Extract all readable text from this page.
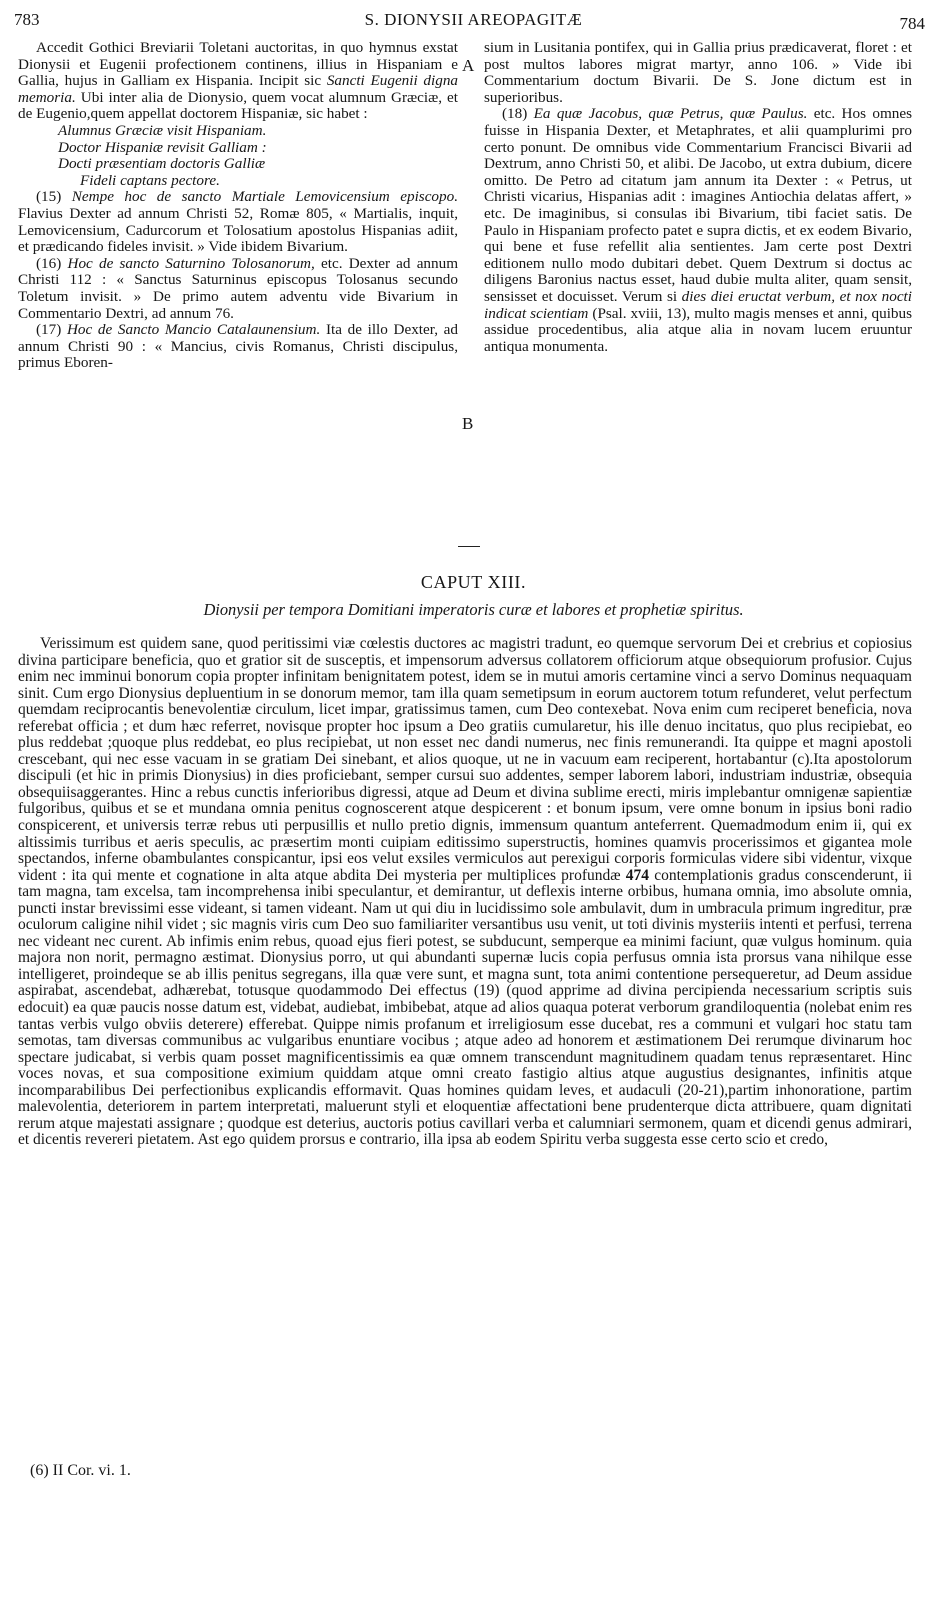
783	S. DIONYSII AREOPAGITÆ	784
A
B

Accedit Gothici Breviarii Toletani auctoritas, in quo hymnus exstat Dionysii et Eugenii profectionem continens, illius in Hispaniam e Gallia, hujus in Galliam ex Hispania. Incipit sic Sancti Eugenii digna memoria. Ubi inter alia de Dionysio, quem vocat alumnum Græciæ, et de Eugenio,quem appellat doctorem Hispaniæ, sic habet :

Alumnus Græciæ visit Hispaniam.
Doctor Hispaniæ revisit Galliam :
Docti præsentiam doctoris Galliæ
Fideli captans pectore.

(15) Nempe hoc de sancto Martiale Lemovicensium episcopo. Flavius Dexter ad annum Christi 52, Romæ 805, « Martialis, inquit, Lemovicensium, Cadurcorum et Tolosatium apostolus Hispanias adiit, et prædicando fideles invisit. » Vide ibidem Bivarium.

(16) Hoc de sancto Saturnino Tolosanorum, etc. Dexter ad annum Christi 112 : « Sanctus Saturninus episcopus Tolosanus secundo Toletum invisit. » De primo autem adventu vide Bivarium in Commentario Dextri, ad annum 76.

(17) Hoc de Sancto Mancio Catalaunensium. Ita de illo Dexter, ad annum Christi 90 : « Mancius, civis Romanus, Christi discipulus, primus Eboren-

sium in Lusitania pontifex, qui in Gallia prius prædicaverat, floret : et post multos labores migrat martyr, anno 106. » Vide ibi Commentarium doctum Bivarii. De S. Jone dictum est in superioribus.

(18) Ea quæ Jacobus, quæ Petrus, quæ Paulus. etc. Hos omnes fuisse in Hispania Dexter, et Metaphrates, et alii quamplurimi pro certo ponunt. De omnibus vide Commentarium Francisci Bivarii ad Dextrum, anno Christi 50, et alibi. De Jacobo, ut extra dubium, dicere omitto. De Petro ad citatum jam annum ita Dexter : « Petrus, ut Christi vicarius, Hispanias adit : imagines Antiochia delatas affert, » etc. De imaginibus, si consulas ibi Bivarium, tibi faciet satis. De Paulo in Hispaniam profecto patet e supra dictis, et ex eodem Bivario, qui bene et fuse refellit alia sentientes. Jam certe post Dextri editionem nullo modo dubitari debet. Quem Dextrum si doctus ac diligens Baronius nactus esset, haud dubie multa aliter, quam sensit, sensisset et docuisset. Verum si dies diei eructat verbum, et nox nocti indicat scientiam (Psal. xviii, 13), multo magis menses et anni, quibus assidue procedentibus, alia atque alia in novam lucem eruuntur antiqua monumenta.

CAPUT XIII.
Dionysii per tempora Domitiani imperatoris curæ et labores et prophetiæ spiritus.

Verissimum est quidem sane, quod peritissimi viæ cœlestis ductores ac magistri tradunt, eo quemque servorum Dei et crebrius et copiosius divina participare beneficia, quo et gratior sit de susceptis, et impensorum adversus collatorem officiorum atque obsequiorum profusior. Cujus enim nec imminui bonorum copia propter infinitam benignitatem potest, idem se in mutui amoris certamine vinci a servo Dominus nequaquam sinit. Cum ergo Dionysius depluentium in se donorum memor, tam illa quam semetipsum in eorum auctorem totum refunderet, velut perfectum quemdam reciprocantis benevolentiæ circulum, licet impar, gratissimus tamen, cum Deo contexebat. Nova enim cum reciperet beneficia, nova referebat officia ; et dum hæc referret, novisque propter hoc ipsum a Deo gratiis cumularetur, his ille denuo incitatus, quo plus recipiebat, eo plus reddebat ;quoque plus reddebat, eo plus recipiebat, ut non esset nec dandi numerus, nec finis remunerandi. Ita quippe et magni apostoli crescebant, qui nec esse vacuam in se gratiam Dei sinebant, et alios quoque, ut ne in vacuum eam reciperent, hortabantur (c).Ita apostolorum discipuli (et hic in primis Dionysius) in dies proficiebant, semper cursui suo addentes, semper laborem labori, industriam industriæ, obsequia obsequiisaggerantes. Hinc a rebus cunctis inferioribus digressi, atque ad Deum et divina sublime erecti, miris implebantur omnigenæ sapientiæ fulgoribus, quibus et se et mundana omnia penitus cognoscerent atque despicerent : et bonum ipsum, vere omne bonum in ipsius boni radio conspicerent, et universis terræ rebus uti perpusillis et nullo pretio dignis, immensum quantum anteferrent. Quemadmodum enim ii, qui ex altissimis turribus et aeris speculis, ac præsertim monti cuipiam editissimo superstructis, homines quamvis procerissimos et gigantea mole spectandos, inferne obambulantes conspicantur, ipsi eos velut exsiles vermiculos aut perexigui corporis formiculas videre sibi videntur, vixque vident : ita qui mente et cognatione in alta atque abdita Dei mysteria per multiplices profundæ 474 contemplationis gradus conscenderunt, ii tam magna, tam excelsa, tam incomprehensa inibi speculantur, et demirantur, ut deflexis interne orbibus, humana omnia, imo absolute omnia, puncti instar brevissimi esse videant, si tamen videant. Nam ut qui diu in lucidissimo sole ambulavit, dum in umbracula primum ingreditur, præ oculorum caligine nihil videt ; sic magnis viris cum Deo suo familiariter versantibus usu venit, ut toti divinis mysteriis intenti et perfusi, terrena nec videant nec curent. Ab infimis enim rebus, quoad ejus fieri potest, se subducunt, semperque ea minimi faciunt, quæ vulgus hominum. quia majora non norit, permagno æstimat. Dionysius porro, ut qui abundanti supernæ lucis copia perfusus omnia ista prorsus vana nihilque esse intelligeret, proindeque se ab illis penitus segregans, illa quæ vere sunt, et magna sunt, tota animi contentione persequeretur, ad Deum assidue aspirabat, ascendebat, adhærebat, totusque quodammodo Dei effectus (19) (quod apprime ad divina percipienda necessarium scriptis suis edocuit) ea quæ paucis nosse datum est, videbat, audiebat, imbibebat, atque ad alios quaqua poterat verborum grandiloquentia (nolebat enim res tantas verbis vulgo obviis deterere) efferebat. Quippe nimis profanum et irreligiosum esse ducebat, res a communi et vulgari hoc statu tam semotas, tam diversas communibus ac vulgaribus enuntiare vocibus ; atque adeo ad honorem et æstimationem Dei rerumque divinarum hoc spectare judicabat, si verbis quam posset magnificentissimis ea quæ omnem transcendunt magnitudinem quadam tenus repræsentaret. Hinc voces novas, et sua compositione eximium quiddam atque omni creato fastigio altius atque augustius designantes, infinitis atque incomparabilibus Dei perfectionibus explicandis efformavit. Quas homines quidam leves, et audaculi (20-21),partim inhonoratione, partim malevolentia, deteriorem in partem interpretati, maluerunt styli et eloquentiæ affectationi bene prudenterque dicta attribuere, quam dignitati rerum atque majestati assignare ; quodque est deterius, auctoris potius cavillari verba et calumniari sermonem, quam et dicendi genus admirari, et dicentis revereri pietatem. Ast ego quidem prorsus e contrario, illa ipsa ab eodem Spiritu verba suggesta esse certo scio et credo,

(6) II Cor. vi. 1.
